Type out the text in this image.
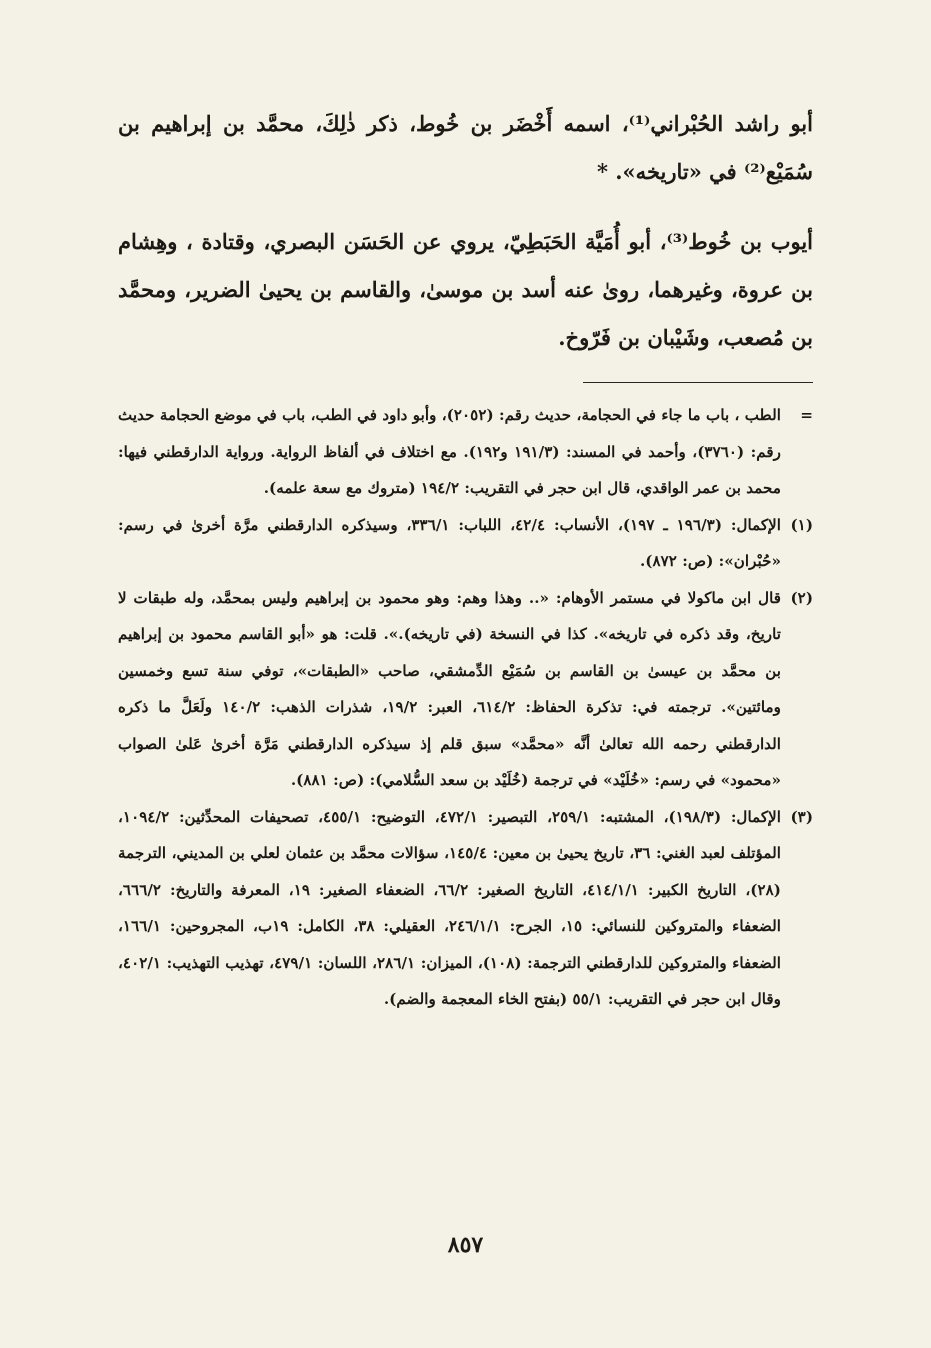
أبو راشد الحُبْراني⁽¹⁾، اسمه أَخْضَر بن خُوط، ذكر ذٰلِكَ، محمَّد بن إبراهيم بن سُمَيْع⁽²⁾ في «تاريخه». *

أيوب بن خُوط⁽³⁾، أبو أُمَيَّة الحَبَطِيّ، يروي عن الحَسَن البصري، وقتادة ، وهِشام بن عروة، وغيرهما، روىٰ عنه أسد بن موسىٰ، والقاسم بن يحيىٰ الضرير، ومحمَّد بن مُصعب، وشَيْبان بن فَرّوخ.

=
الطب ، باب ما جاء في الحجامة، حديث رقم: (٢٠٥٢)، وأبو داود في الطب، باب في موضع الحجامة حديث رقم: (٣٧٦٠)، وأحمد في المسند: (١٩١/٣ و١٩٢). مع اختلاف في ألفاظ الرواية. ورواية الدارقطني فيها: محمد بن عمر الواقدي، قال ابن حجر في التقريب: ١٩٤/٢ (متروك مع سعة علمه).
(١)
الإكمال: (١٩٦/٣ ـ ١٩٧)، الأنساب: ٤٢/٤، اللباب: ٣٣٦/١، وسيذكره الدارقطني مرَّة أخرىٰ في رسم: «حُبْران»: (ص: ٨٧٢).
(٢)
قال ابن ماكولا في مستمر الأوهام: «.. وهذا وهم: وهو محمود بن إبراهيم وليس بمحمَّد، وله طبقات لا تاريخ، وقد ذكره في تاريخه». كذا في النسخة (في تاريخه).». قلت: هو «أبو القاسم محمود بن إبراهيم بن محمَّد بن عيسىٰ بن القاسم بن سُمَيْع الدِّمشقي، صاحب «الطبقات»، توفي سنة تسع وخمسين ومائتين». ترجمته في: تذكرة الحفاظ: ٦١٤/٢، العبر: ١٩/٢، شذرات الذهب: ١٤٠/٢ ولَعَلَّ ما ذكره الدارقطني رحمه الله تعالىٰ أنَّه «محمَّد» سبق قلم إذ سيذكره الدارقطني مَرَّة أخرىٰ عَلىٰ الصواب «محمود» في رسم: «خُلَيْد» في ترجمة (خُلَيْد بن سعد السُّلامي): (ص: ٨٨١).
(٣)
الإكمال: (١٩٨/٣)، المشتبه: ٢٥٩/١، التبصير: ٤٧٢/١، التوضيح: ٤٥٥/١، تصحيفات المحدِّثين: ١٠٩٤/٢، المؤتلف لعبد الغني: ٣٦، تاريخ يحيىٰ بن معين: ١٤٥/٤، سؤالات محمَّد بن عثمان لعلي بن المديني، الترجمة (٢٨)، التاريخ الكبير: ٤١٤/١/١، التاريخ الصغير: ٦٦/٢، الضعفاء الصغير: ١٩، المعرفة والتاريخ: ٦٦٦/٢، الضعفاء والمتروكين للنسائي: ١٥، الجرح: ٢٤٦/١/١، العقيلي: ٣٨، الكامل: ١٩ب، المجروحين: ١٦٦/١، الضعفاء والمتروكين للدارقطني الترجمة: (١٠٨)، الميزان: ٢٨٦/١، اللسان: ٤٧٩/١، تهذيب التهذيب: ٤٠٢/١، وقال ابن حجر في التقريب: ٥٥/١ (بفتح الخاء المعجمة والضم).
٨٥٧
